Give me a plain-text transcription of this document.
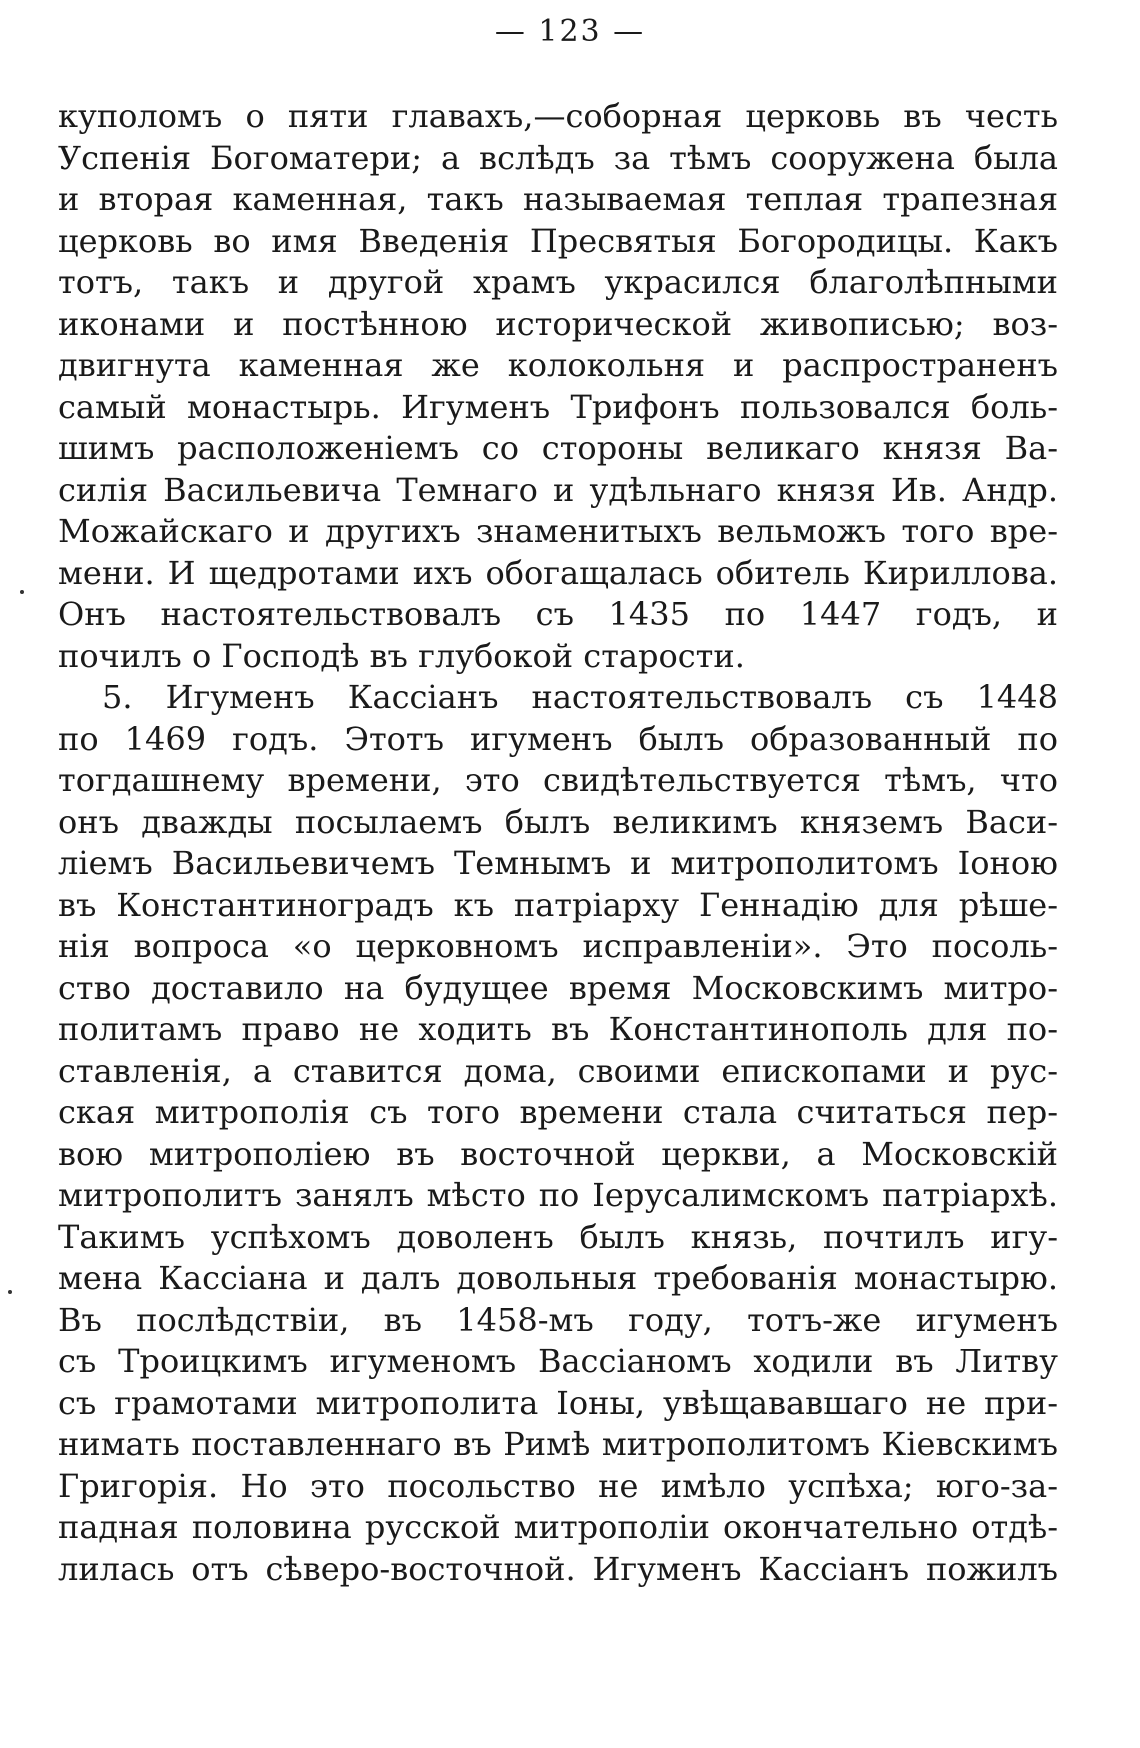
— 123 —
куполомъ о пяти главахъ,—соборная церковь въ честь
Успенія Богоматери; а вслѣдъ за тѣмъ сооружена была
и вторая каменная, такъ называемая теплая трапезная
церковь во имя Введенія Пресвятыя Богородицы. Какъ
тотъ, такъ и другой храмъ украсился благолѣпными
иконами и постѣнною исторической живописью; воз-
двигнута каменная же колокольня и распространенъ
самый монастырь. Игуменъ Трифонъ пользовался боль-
шимъ расположеніемъ со стороны великаго князя Ва-
силія Васильевича Темнаго и удѣльнаго князя Ив. Андр.
Можайскаго и другихъ знаменитыхъ вельможъ того вре-
мени. И щедротами ихъ обогащалась обитель Кириллова.
Онъ настоятельствовалъ съ 1435 по 1447 годъ, и
почилъ о Господѣ въ глубокой старости.
5. Игуменъ Кассіанъ настоятельствовалъ съ 1448
по 1469 годъ. Этотъ игуменъ былъ образованный по
тогдашнему времени, это свидѣтельствуется тѣмъ, что
онъ дважды посылаемъ былъ великимъ княземъ Васи-
ліемъ Васильевичемъ Темнымъ и митрополитомъ Іоною
въ Константиноградъ къ патріарху Геннадію для рѣше-
нія вопроса «о церковномъ исправленіи». Это посоль-
ство доставило на будущее время Московскимъ митро-
политамъ право не ходить въ Константинополь для по-
ставленія, а ставится дома, своими епископами и рус-
ская митрополія съ того времени стала считаться пер-
вою митрополіею въ восточной церкви, а Московскій
митрополитъ занялъ мѣсто по Іерусалимскомъ патріархѣ.
Такимъ успѣхомъ доволенъ былъ князь, почтилъ игу-
мена Кассіана и далъ довольныя требованія монастырю.
Въ послѣдствіи, въ 1458-мъ году, тотъ-же игуменъ
съ Троицкимъ игуменомъ Вассіаномъ ходили въ Литву
съ грамотами митрополита Іоны, увѣщававшаго не при-
нимать поставленнаго въ Римѣ митрополитомъ Кіевскимъ
Григорія. Но это посольство не имѣло успѣха; юго-за-
падная половина русской митрополіи окончательно отдѣ-
лилась отъ сѣверо-восточной. Игуменъ Кассіанъ пожилъ
